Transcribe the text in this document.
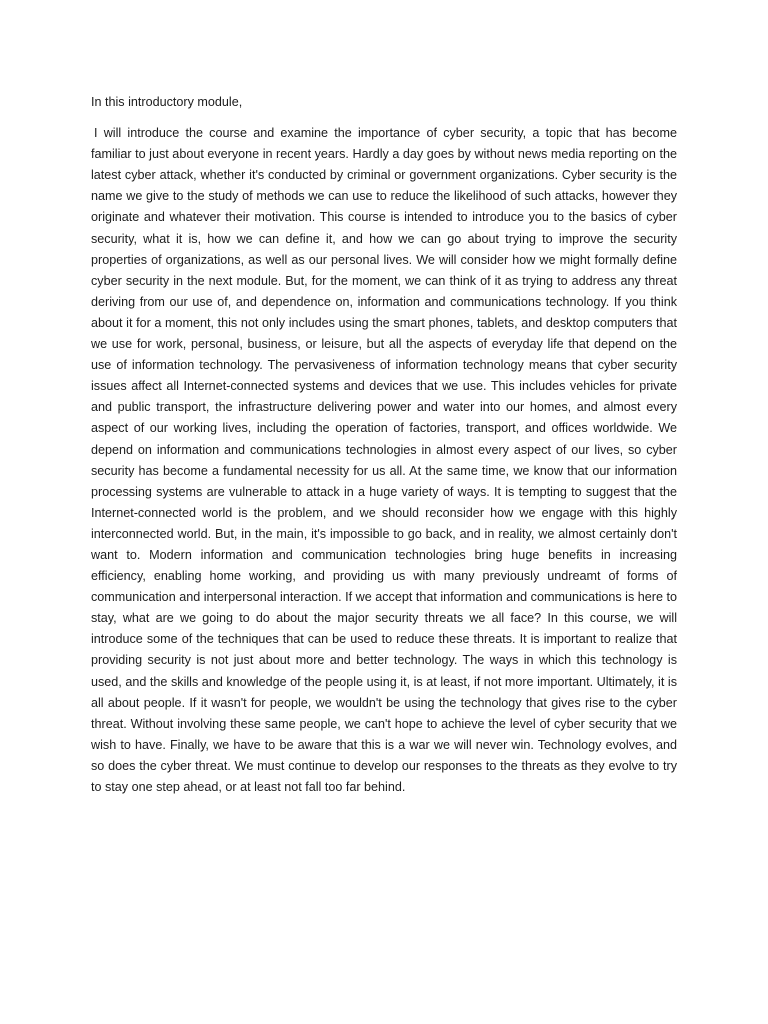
In this introductory module,

I will introduce the course and examine the importance of cyber security, a topic that has become familiar to just about everyone in recent years. Hardly a day goes by without news media reporting on the latest cyber attack, whether it's conducted by criminal or government organizations. Cyber security is the name we give to the study of methods we can use to reduce the likelihood of such attacks, however they originate and whatever their motivation. This course is intended to introduce you to the basics of cyber security, what it is, how we can define it, and how we can go about trying to improve the security properties of organizations, as well as our personal lives. We will consider how we might formally define cyber security in the next module. But, for the moment, we can think of it as trying to address any threat deriving from our use of, and dependence on, information and communications technology. If you think about it for a moment, this not only includes using the smart phones, tablets, and desktop computers that we use for work, personal, business, or leisure, but all the aspects of everyday life that depend on the use of information technology. The pervasiveness of information technology means that cyber security issues affect all Internet-connected systems and devices that we use. This includes vehicles for private and public transport, the infrastructure delivering power and water into our homes, and almost every aspect of our working lives, including the operation of factories, transport, and offices worldwide. We depend on information and communications technologies in almost every aspect of our lives, so cyber security has become a fundamental necessity for us all. At the same time, we know that our information processing systems are vulnerable to attack in a huge variety of ways. It is tempting to suggest that the Internet-connected world is the problem, and we should reconsider how we engage with this highly interconnected world. But, in the main, it's impossible to go back, and in reality, we almost certainly don't want to. Modern information and communication technologies bring huge benefits in increasing efficiency, enabling home working, and providing us with many previously undreamt of forms of communication and interpersonal interaction. If we accept that information and communications is here to stay, what are we going to do about the major security threats we all face? In this course, we will introduce some of the techniques that can be used to reduce these threats. It is important to realize that providing security is not just about more and better technology. The ways in which this technology is used, and the skills and knowledge of the people using it, is at least, if not more important. Ultimately, it is all about people. If it wasn't for people, we wouldn't be using the technology that gives rise to the cyber threat. Without involving these same people, we can't hope to achieve the level of cyber security that we wish to have. Finally, we have to be aware that this is a war we will never win. Technology evolves, and so does the cyber threat. We must continue to develop our responses to the threats as they evolve to try to stay one step ahead, or at least not fall too far behind.
